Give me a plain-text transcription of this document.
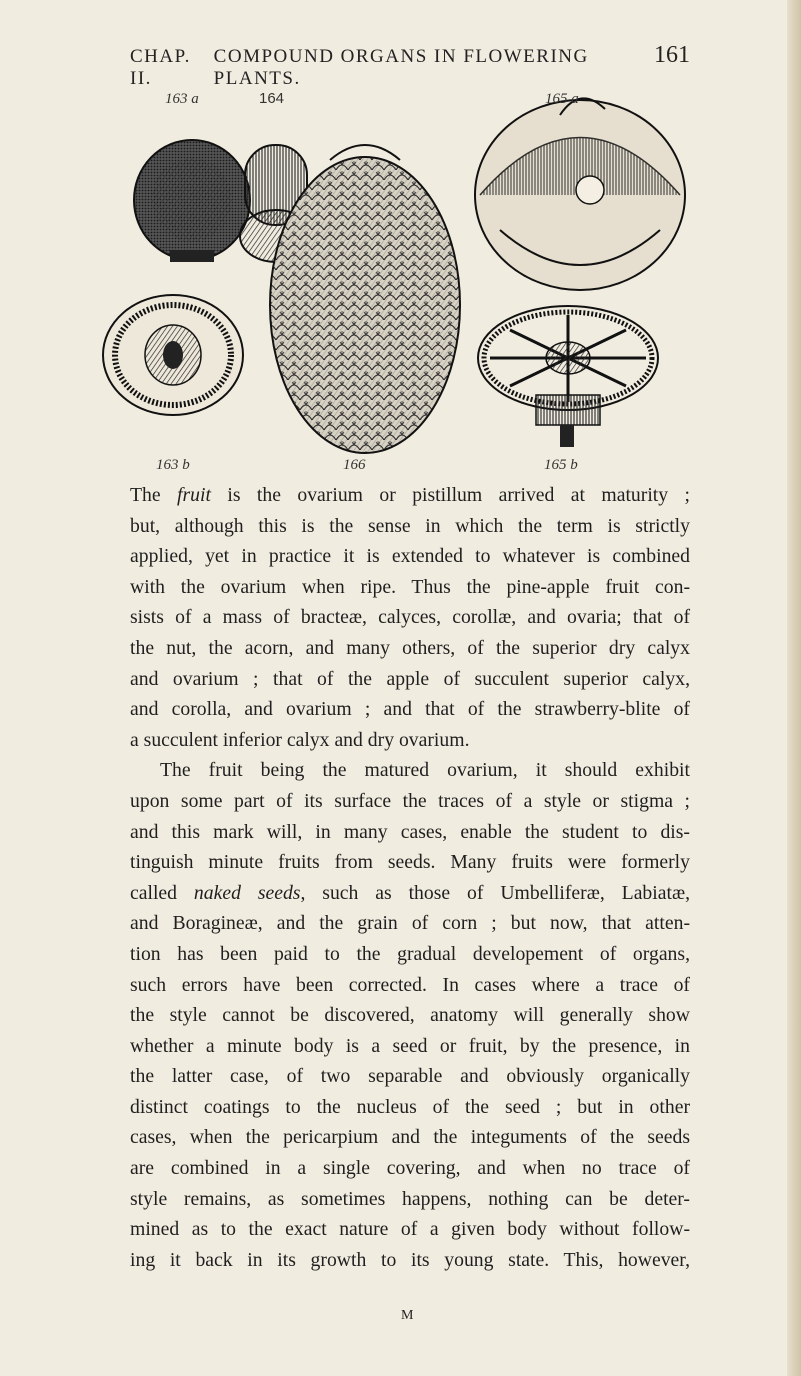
CHAP. II.
COMPOUND ORGANS IN FLOWERING PLANTS.
161
163 a	164	165 a
163 b	166	165 b
The fruit is the ovarium or pistillum arrived at maturity ;
but, although this is the sense in which the term is strictly
applied, yet in practice it is extended to whatever is combined
with the ovarium when ripe. Thus the pine-apple fruit con-
sists of a mass of bracteæ, calyces, corollæ, and ovaria; that of
the nut, the acorn, and many others, of the superior dry calyx
and ovarium ; that of the apple of succulent superior calyx,
and corolla, and ovarium ; and that of the strawberry-blite of
a succulent inferior calyx and dry ovarium.
The fruit being the matured ovarium, it should exhibit
upon some part of its surface the traces of a style or stigma ;
and this mark will, in many cases, enable the student to dis-
tinguish minute fruits from seeds. Many fruits were formerly
called naked seeds, such as those of Umbelliferæ, Labiatæ,
and Boragineæ, and the grain of corn ; but now, that atten-
tion has been paid to the gradual developement of organs,
such errors have been corrected. In cases where a trace of
the style cannot be discovered, anatomy will generally show
whether a minute body is a seed or fruit, by the presence, in
the latter case, of two separable and obviously organically
distinct coatings to the nucleus of the seed ; but in other
cases, when the pericarpium and the integuments of the seeds
are combined in a single covering, and when no trace of
style remains, as sometimes happens, nothing can be deter-
mined as to the exact nature of a given body without follow-
ing it back in its growth to its young state. This, however,
M
